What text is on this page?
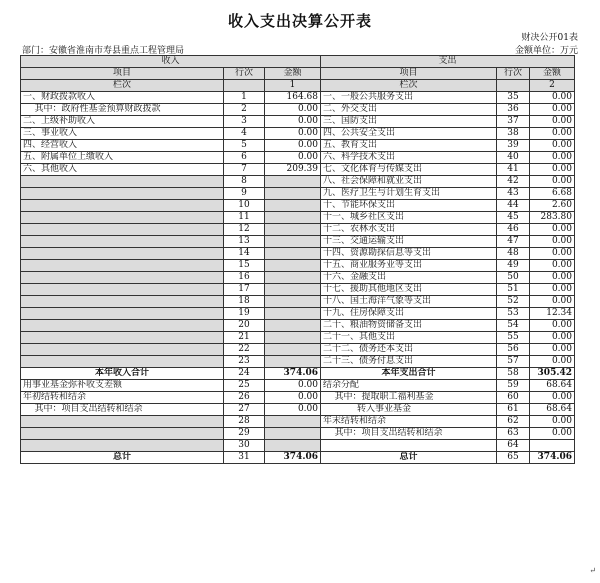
收入支出决算公开表
财决公开01表
部门：安徽省淮南市寿县重点工程管理局	金额单位：万元
收入			支出		
项目	行次	金额	项目	行次	金额
栏次		1	栏次		2
一、财政拨款收入	1	164.68	一、一般公共服务支出	35	0.00
其中：政府性基金预算财政拨款	2	0.00	二、外交支出	36	0.00
二、上级补助收入	3	0.00	三、国防支出	37	0.00
三、事业收入	4	0.00	四、公共安全支出	38	0.00
四、经营收入	5	0.00	五、教育支出	39	0.00
五、附属单位上缴收入	6	0.00	六、科学技术支出	40	0.00
六、其他收入	7	209.39	七、文化体育与传媒支出	41	0.00
	8		八、社会保障和就业支出	42	0.00
	9		九、医疗卫生与计划生育支出	43	6.68
	10		十、节能环保支出	44	2.60
	11		十一、城乡社区支出	45	283.80
	12		十二、农林水支出	46	0.00
	13		十三、交通运输支出	47	0.00
	14		十四、资源勘探信息等支出	48	0.00
	15		十五、商业服务业等支出	49	0.00
	16		十六、金融支出	50	0.00
	17		十七、援助其他地区支出	51	0.00
	18		十八、国土海洋气象等支出	52	0.00
	19		十九、住房保障支出	53	12.34
	20		二十、粮油物资储备支出	54	0.00
	21		二十一、其他支出	55	0.00
	22		二十二、债务还本支出	56	0.00
	23		二十三、债务付息支出	57	0.00
本年收入合计	24	374.06	本年支出合计	58	305.42
用事业基金弥补收支差额	25	0.00	结余分配	59	68.64
年初结转和结余	26	0.00	其中：提取职工福利基金	60	0.00
其中：项目支出结转和结余	27	0.00	转入事业基金	61	68.64
	28		年末结转和结余	62	0.00
	29		其中：项目支出结转和结余	63	0.00
	30			64	
总计	31	374.06	总计	65	374.06
↵
